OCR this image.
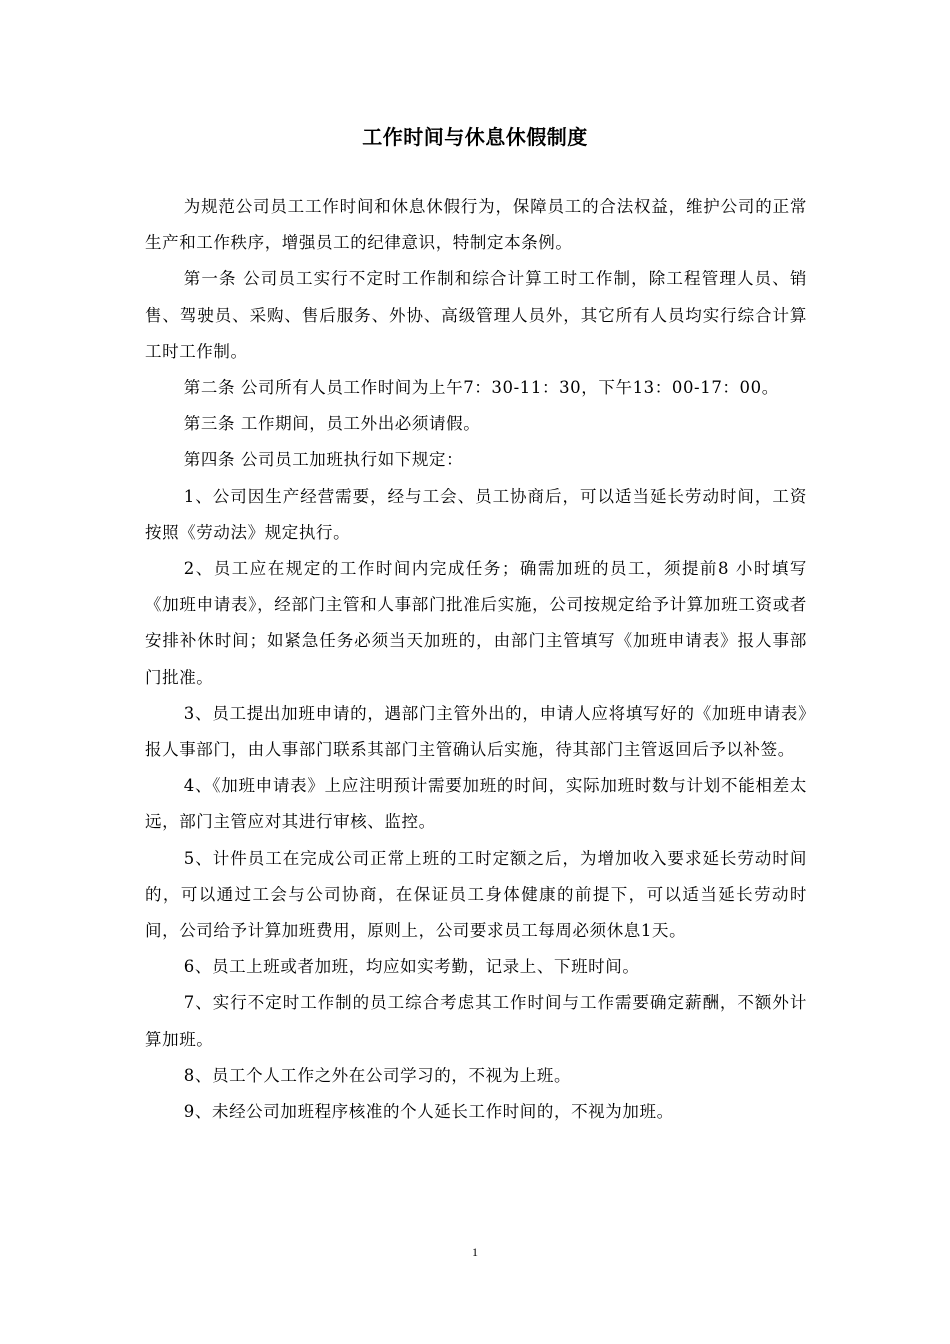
工作时间与休息休假制度

为规范公司员工工作时间和休息休假行为，保障员工的合法权益，维护公司的正常生产和工作秩序，增强员工的纪律意识，特制定本条例。

第一条 公司员工实行不定时工作制和综合计算工时工作制，除工程管理人员、销售、驾驶员、采购、售后服务、外协、高级管理人员外，其它所有人员均实行综合计算工时工作制。

第二条 公司所有人员工作时间为上午7：30-11：30，下午13：00-17：00。

第三条 工作期间，员工外出必须请假。

第四条 公司员工加班执行如下规定：

1、公司因生产经营需要，经与工会、员工协商后，可以适当延长劳动时间，工资按照《劳动法》规定执行。

2、员工应在规定的工作时间内完成任务；确需加班的员工，须提前8 小时填写《加班申请表》，经部门主管和人事部门批准后实施，公司按规定给予计算加班工资或者安排补休时间；如紧急任务必须当天加班的，由部门主管填写《加班申请表》报人事部门批准。

3、员工提出加班申请的，遇部门主管外出的，申请人应将填写好的《加班申请表》报人事部门，由人事部门联系其部门主管确认后实施，待其部门主管返回后予以补签。

4、《加班申请表》上应注明预计需要加班的时间，实际加班时数与计划不能相差太远，部门主管应对其进行审核、监控。

5、计件员工在完成公司正常上班的工时定额之后，为增加收入要求延长劳动时间的，可以通过工会与公司协商，在保证员工身体健康的前提下，可以适当延长劳动时间，公司给予计算加班费用，原则上，公司要求员工每周必须休息1天。

6、员工上班或者加班，均应如实考勤，记录上、下班时间。

7、实行不定时工作制的员工综合考虑其工作时间与工作需要确定薪酬，不额外计算加班。

8、员工个人工作之外在公司学习的，不视为上班。

9、未经公司加班程序核准的个人延长工作时间的，不视为加班。

1
